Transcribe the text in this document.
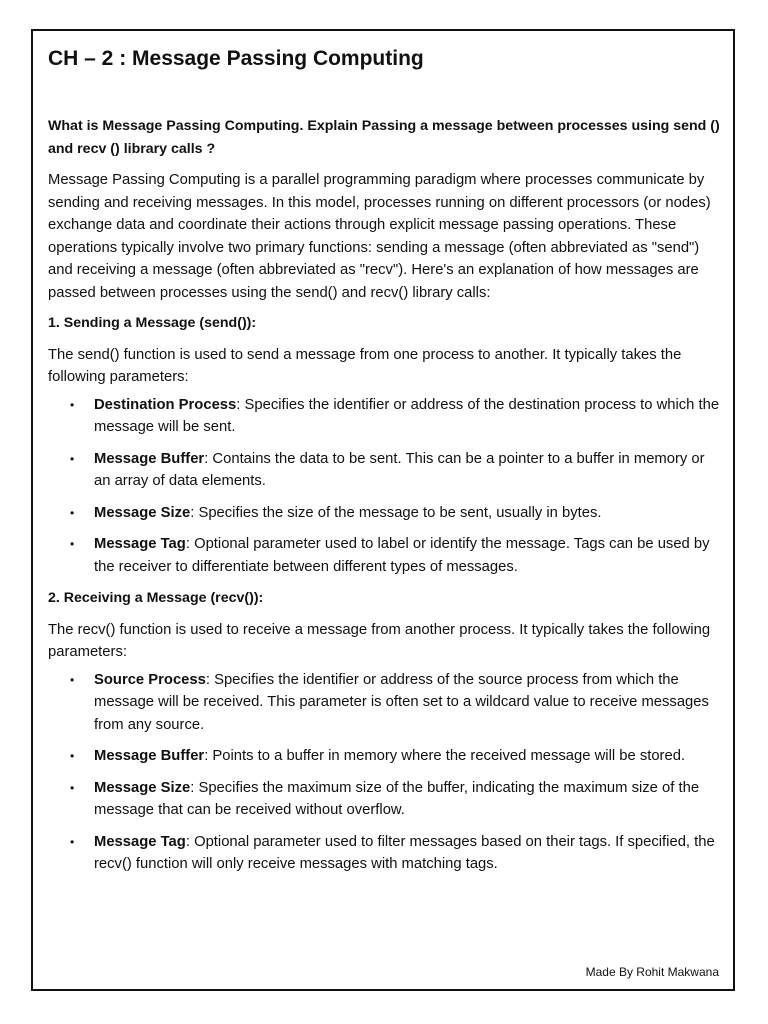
CH – 2 : Message Passing Computing

What is Message Passing Computing. Explain Passing a message between processes using send () and recv () library calls ?

Message Passing Computing is a parallel programming paradigm where processes communicate by sending and receiving messages. In this model, processes running on different processors (or nodes) exchange data and coordinate their actions through explicit message passing operations. These operations typically involve two primary functions: sending a message (often abbreviated as "send") and receiving a message (often abbreviated as "recv"). Here's an explanation of how messages are passed between processes using the send() and recv() library calls:

1. Sending a Message (send()):

The send() function is used to send a message from one process to another. It typically takes the following parameters:

• Destination Process: Specifies the identifier or address of the destination process to which the message will be sent.
• Message Buffer: Contains the data to be sent. This can be a pointer to a buffer in memory or an array of data elements.
• Message Size: Specifies the size of the message to be sent, usually in bytes.
• Message Tag: Optional parameter used to label or identify the message. Tags can be used by the receiver to differentiate between different types of messages.

2. Receiving a Message (recv()):

The recv() function is used to receive a message from another process. It typically takes the following parameters:

• Source Process: Specifies the identifier or address of the source process from which the message will be received. This parameter is often set to a wildcard value to receive messages from any source.
• Message Buffer: Points to a buffer in memory where the received message will be stored.
• Message Size: Specifies the maximum size of the buffer, indicating the maximum size of the message that can be received without overflow.
• Message Tag: Optional parameter used to filter messages based on their tags. If specified, the recv() function will only receive messages with matching tags.
Made By Rohit Makwana
